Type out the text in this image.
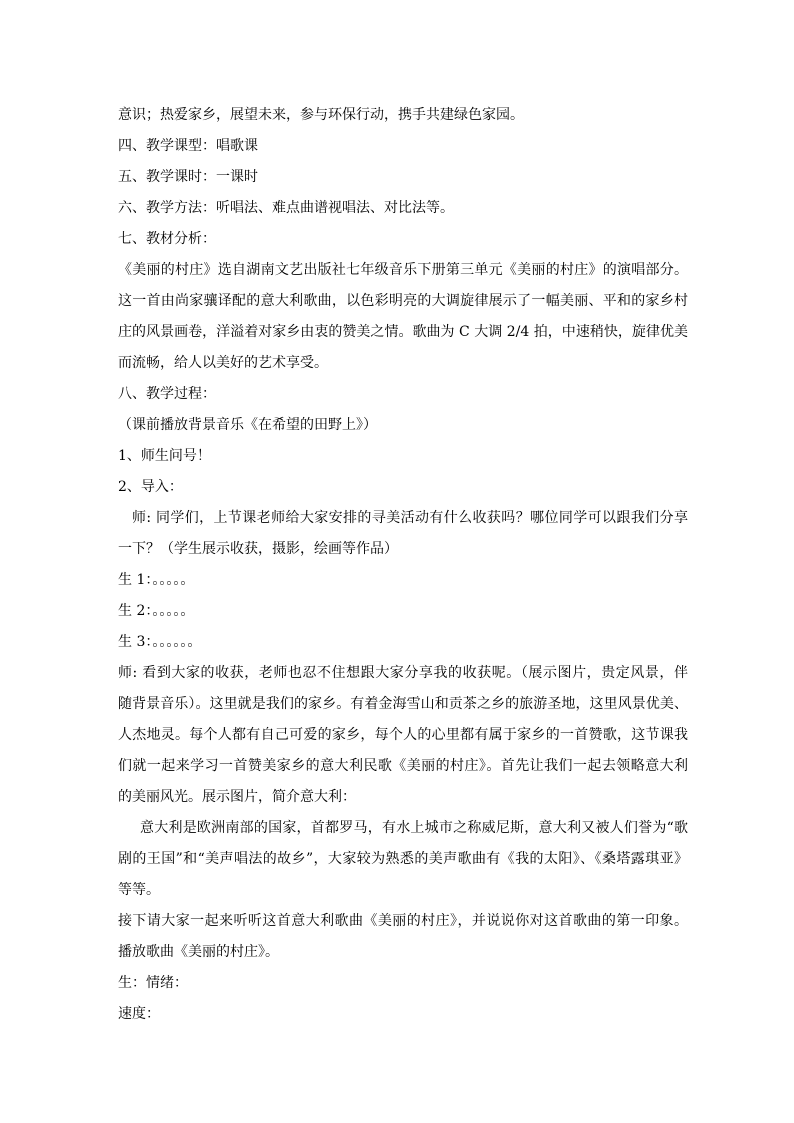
意识；热爱家乡，展望未来，参与环保行动，携手共建绿色家园。
四、教学课型：唱歌课
五、教学课时：一课时
六、教学方法：听唱法、难点曲谱视唱法、对比法等。
七、教材分析：
《美丽的村庄》选自湖南文艺出版社七年级音乐下册第三单元《美丽的村庄》的演唱部分。
这一首由尚家骧译配的意大利歌曲，以色彩明亮的大调旋律展示了一幅美丽、平和的家乡村
庄的风景画卷，洋溢着对家乡由衷的赞美之情。歌曲为 C 大调 2/4 拍，中速稍快，旋律优美
而流畅，给人以美好的艺术享受。
八、教学过程：
（课前播放背景音乐《在希望的田野上》）
1、师生问号！
2、导入：
师: 同学们，上节课老师给大家安排的寻美活动有什么收获吗？哪位同学可以跟我们分享
一下？（学生展示收获，摄影，绘画等作品）
生 1：。。。。。
生 2：。。。。。
生 3：。。。。。。
师: 看到大家的收获，老师也忍不住想跟大家分享我的收获呢。（展示图片，贵定风景，伴
随背景音乐）。这里就是我们的家乡。有着金海雪山和贡茶之乡的旅游圣地，这里风景优美、
人杰地灵。每个人都有自己可爱的家乡，每个人的心里都有属于家乡的一首赞歌，这节课我
们就一起来学习一首赞美家乡的意大利民歌《美丽的村庄》。首先让我们一起去领略意大利
的美丽风光。展示图片，简介意大利：
意大利是欧洲南部的国家，首都罗马，有水上城市之称威尼斯，意大利又被人们誉为“歌
剧的王国”和“美声唱法的故乡”，大家较为熟悉的美声歌曲有《我的太阳》、《桑塔露琪亚》
等等。
接下请大家一起来听听这首意大利歌曲《美丽的村庄》，并说说你对这首歌曲的第一印象。
播放歌曲《美丽的村庄》。
生：情绪：
速度：
